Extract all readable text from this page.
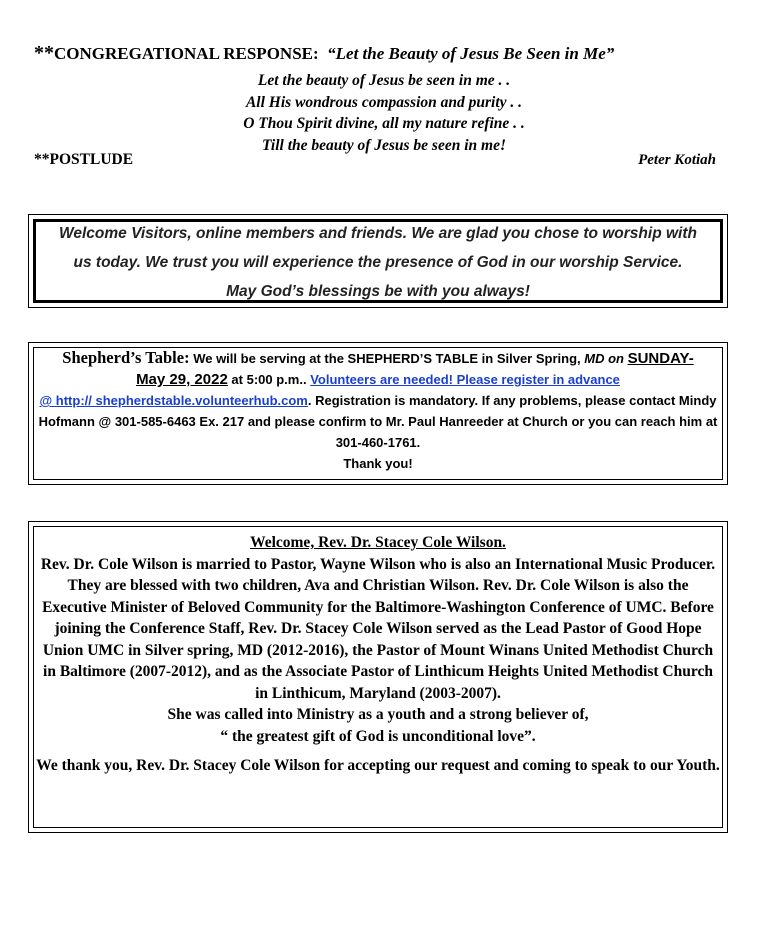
**CONGREGATIONAL RESPONSE: “Let the Beauty of Jesus Be Seen in Me”
Let the beauty of Jesus be seen in me . .
All His wondrous compassion and purity . .
O Thou Spirit divine, all my nature refine . .
Till the beauty of Jesus be seen in me!
**POSTLUDE	Peter Kotiah
Welcome Visitors, online members and friends. We are glad you chose to worship with
us today. We trust you will experience the presence of God in our worship Service.
May God’s blessings be with you always!
Shepherd’s Table: We will be serving at the SHEPHERD’S TABLE in Silver Spring, MD on SUNDAY-
May 29, 2022 at 5:00 p.m.. Volunteers are needed! Please register in advance
@ http:// shepherdstable.volunteerhub.com. Registration is mandatory. If any problems, please contact Mindy Hofmann @ 301-585-6463 Ex. 217 and please confirm to Mr. Paul Hanreeder at Church or you can reach him at 301-460-1761.
Thank you!
Welcome, Rev. Dr. Stacey Cole Wilson.
Rev. Dr. Cole Wilson is married to Pastor, Wayne Wilson who is also an International Music Producer. They are blessed with two children, Ava and Christian Wilson. Rev. Dr. Cole Wilson is also the Executive Minister of Beloved Community for the Baltimore-Washington Conference of UMC. Before joining the Conference Staff, Rev. Dr. Stacey Cole Wilson served as the Lead Pastor of Good Hope Union UMC in Silver spring, MD (2012-2016), the Pastor of Mount Winans United Methodist Church in Baltimore (2007-2012), and as the Associate Pastor of Linthicum Heights United Methodist Church in Linthicum, Maryland (2003-2007).
She was called into Ministry as a youth and a strong believer of,
“ the greatest gift of God is unconditional love”.
We thank you, Rev. Dr. Stacey Cole Wilson for accepting our request and coming to speak to our Youth.
